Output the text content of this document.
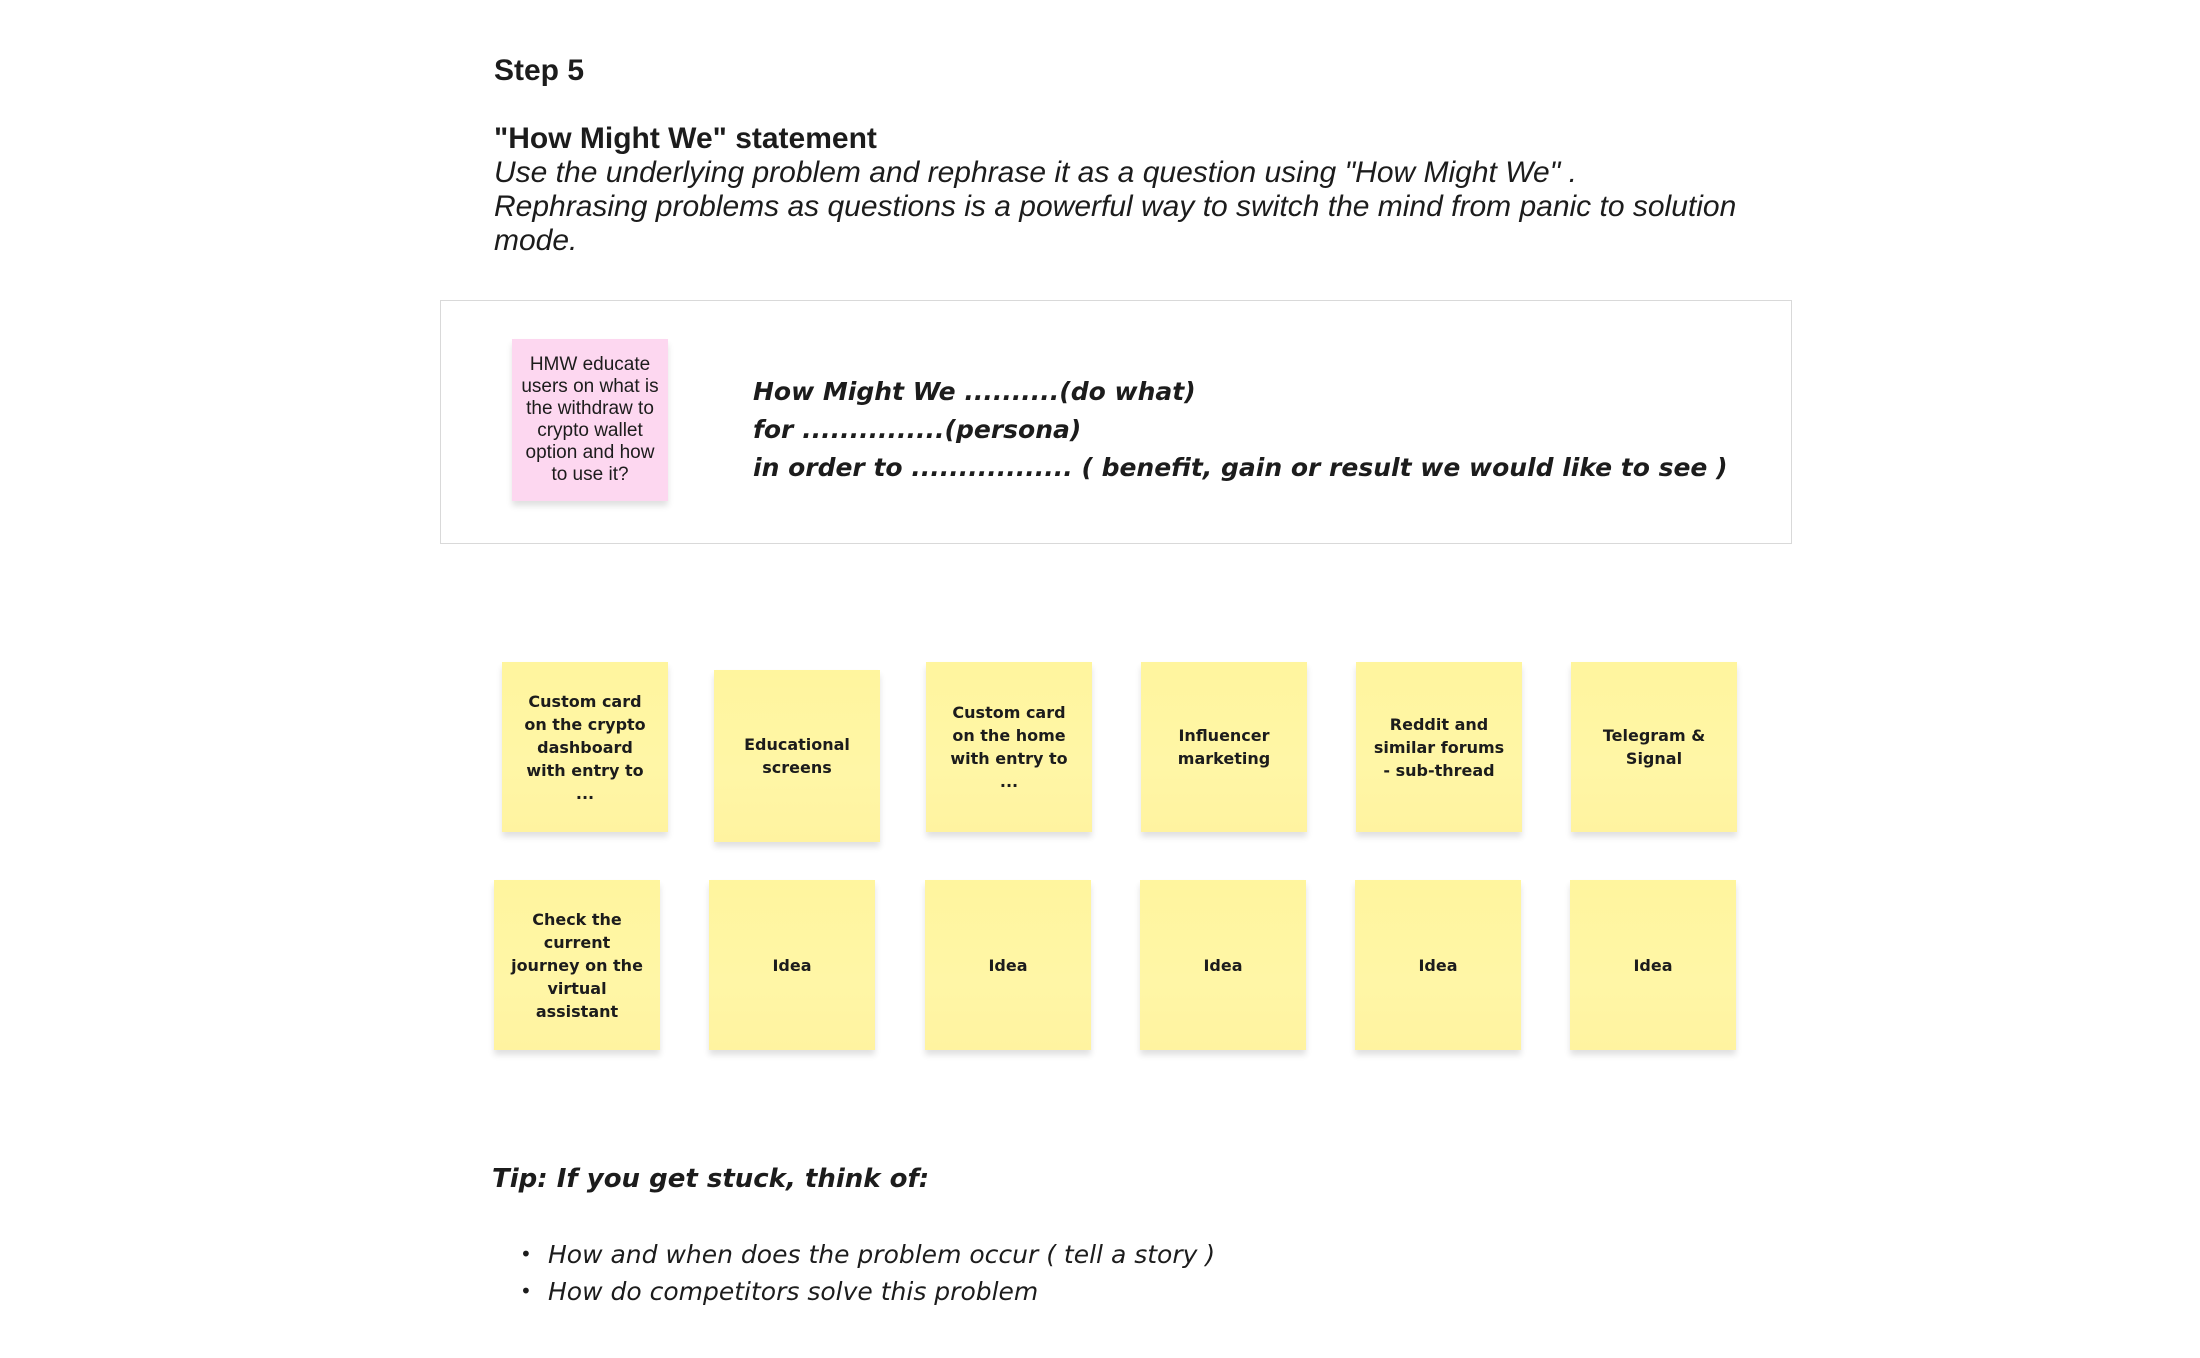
Step 5
"How Might We" statement

Use the underlying problem and rephrase it as a question using "How Might We" .
Rephrasing problems as questions is a powerful way to switch the mind from panic to solution
mode.

HMW educate users on what is the withdraw to crypto wallet option and how to use it?
How Might We ..........(do what)
for ...............(persona)
in order to ................. ( benefit, gain or result we would like to see )
Custom card on the crypto dashboard with entry to ...
Educational screens
Custom card on the home with entry to ...
Influencer marketing
Reddit and similar forums - sub-thread
Telegram & Signal
Check the current journey on the virtual assistant
Idea	Idea	Idea	Idea	Idea

Tip: If you get stuck, think of:

• How and when does the problem occur ( tell a story )
• How do competitors solve this problem
